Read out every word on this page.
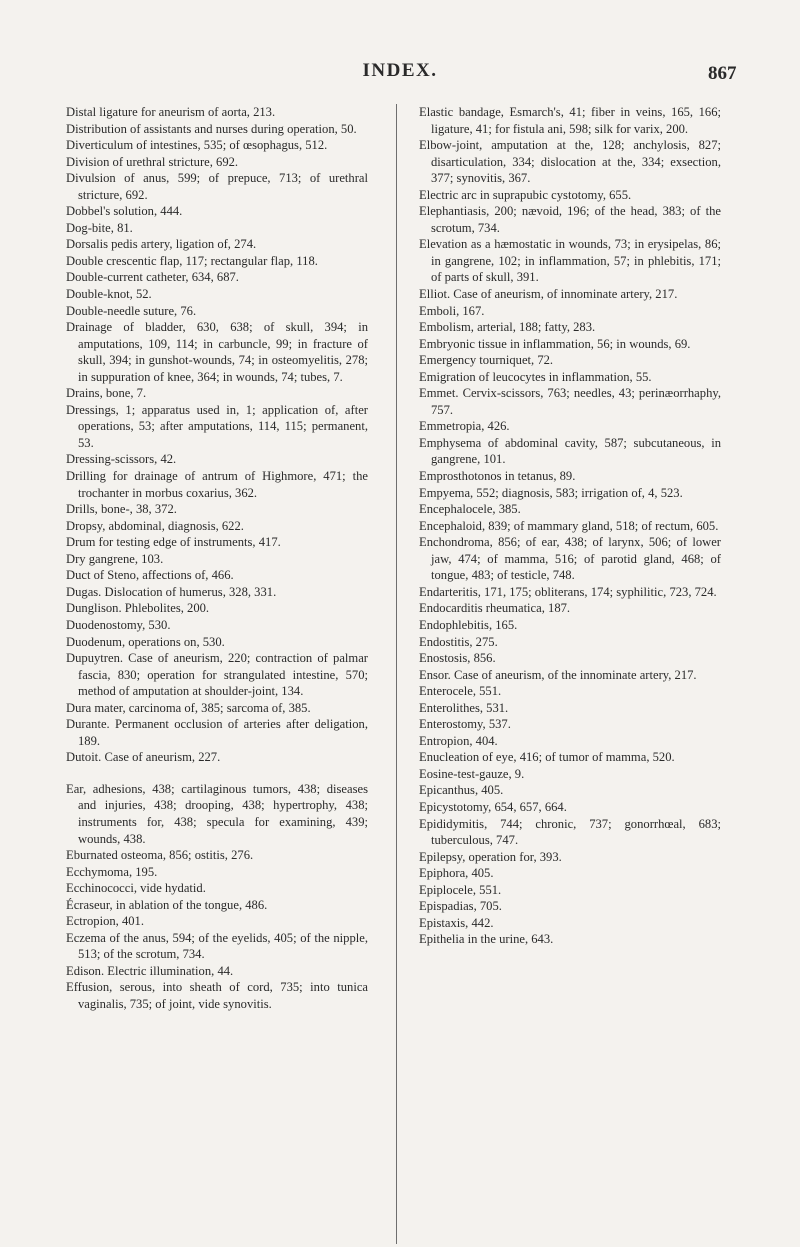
INDEX.	867

Distal ligature for aneurism of aorta, 213.

Distribution of assistants and nurses during operation, 50.

Diverticulum of intestines, 535; of œsophagus, 512.

Division of urethral stricture, 692.

Divulsion of anus, 599; of prepuce, 713; of urethral stricture, 692.

Dobbel's solution, 444.

Dog-bite, 81.

Dorsalis pedis artery, ligation of, 274.

Double crescentic flap, 117; rectangular flap, 118.

Double-current catheter, 634, 687.

Double-knot, 52.

Double-needle suture, 76.

Drainage of bladder, 630, 638; of skull, 394; in amputations, 109, 114; in carbuncle, 99; in fracture of skull, 394; in gunshot-wounds, 74; in osteomyelitis, 278; in suppuration of knee, 364; in wounds, 74; tubes, 7.

Drains, bone, 7.

Dressings, 1; apparatus used in, 1; application of, after operations, 53; after amputations, 114, 115; permanent, 53.

Dressing-scissors, 42.

Drilling for drainage of antrum of Highmore, 471; the trochanter in morbus coxarius, 362.

Drills, bone-, 38, 372.

Dropsy, abdominal, diagnosis, 622.

Drum for testing edge of instruments, 417.

Dry gangrene, 103.

Duct of Steno, affections of, 466.

Dugas. Dislocation of humerus, 328, 331.

Dunglison. Phlebolites, 200.

Duodenostomy, 530.

Duodenum, operations on, 530.

Dupuytren. Case of aneurism, 220; contraction of palmar fascia, 830; operation for strangulated intestine, 570; method of amputation at shoulder-joint, 134.

Dura mater, carcinoma of, 385; sarcoma of, 385.

Durante. Permanent occlusion of arteries after deligation, 189.

Dutoit. Case of aneurism, 227.

Ear, adhesions, 438; cartilaginous tumors, 438; diseases and injuries, 438; drooping, 438; hypertrophy, 438; instruments for, 438; specula for examining, 439; wounds, 438.

Eburnated osteoma, 856; ostitis, 276.

Ecchymoma, 195.

Ecchinococci, vide hydatid.

Écraseur, in ablation of the tongue, 486.

Ectropion, 401.

Eczema of the anus, 594; of the eyelids, 405; of the nipple, 513; of the scrotum, 734.

Edison. Electric illumination, 44.

Effusion, serous, into sheath of cord, 735; into tunica vaginalis, 735; of joint, vide synovitis.

Elastic bandage, Esmarch's, 41; fiber in veins, 165, 166; ligature, 41; for fistula ani, 598; silk for varix, 200.

Elbow-joint, amputation at the, 128; anchylosis, 827; disarticulation, 334; dislocation at the, 334; exsection, 377; synovitis, 367.

Electric arc in suprapubic cystotomy, 655.

Elephantiasis, 200; nævoid, 196; of the head, 383; of the scrotum, 734.

Elevation as a hæmostatic in wounds, 73; in erysipelas, 86; in gangrene, 102; in inflammation, 57; in phlebitis, 171; of parts of skull, 391.

Elliot. Case of aneurism, of innominate artery, 217.

Emboli, 167.

Embolism, arterial, 188; fatty, 283.

Embryonic tissue in inflammation, 56; in wounds, 69.

Emergency tourniquet, 72.

Emigration of leucocytes in inflammation, 55.

Emmet. Cervix-scissors, 763; needles, 43; perinæorrhaphy, 757.

Emmetropia, 426.

Emphysema of abdominal cavity, 587; subcutaneous, in gangrene, 101.

Emprosthotonos in tetanus, 89.

Empyema, 552; diagnosis, 583; irrigation of, 4, 523.

Encephalocele, 385.

Encephaloid, 839; of mammary gland, 518; of rectum, 605.

Enchondroma, 856; of ear, 438; of larynx, 506; of lower jaw, 474; of mamma, 516; of parotid gland, 468; of tongue, 483; of testicle, 748.

Endarteritis, 171, 175; obliterans, 174; syphilitic, 723, 724.

Endocarditis rheumatica, 187.

Endophlebitis, 165.

Endostitis, 275.

Enostosis, 856.

Ensor. Case of aneurism, of the innominate artery, 217.

Enterocele, 551.

Enterolithes, 531.

Enterostomy, 537.

Entropion, 404.

Enucleation of eye, 416; of tumor of mamma, 520.

Eosine-test-gauze, 9.

Epicanthus, 405.

Epicystotomy, 654, 657, 664.

Epididymitis, 744; chronic, 737; gonorrhœal, 683; tuberculous, 747.

Epilepsy, operation for, 393.

Epiphora, 405.

Epiplocele, 551.

Epispadias, 705.

Epistaxis, 442.

Epithelia in the urine, 643.
